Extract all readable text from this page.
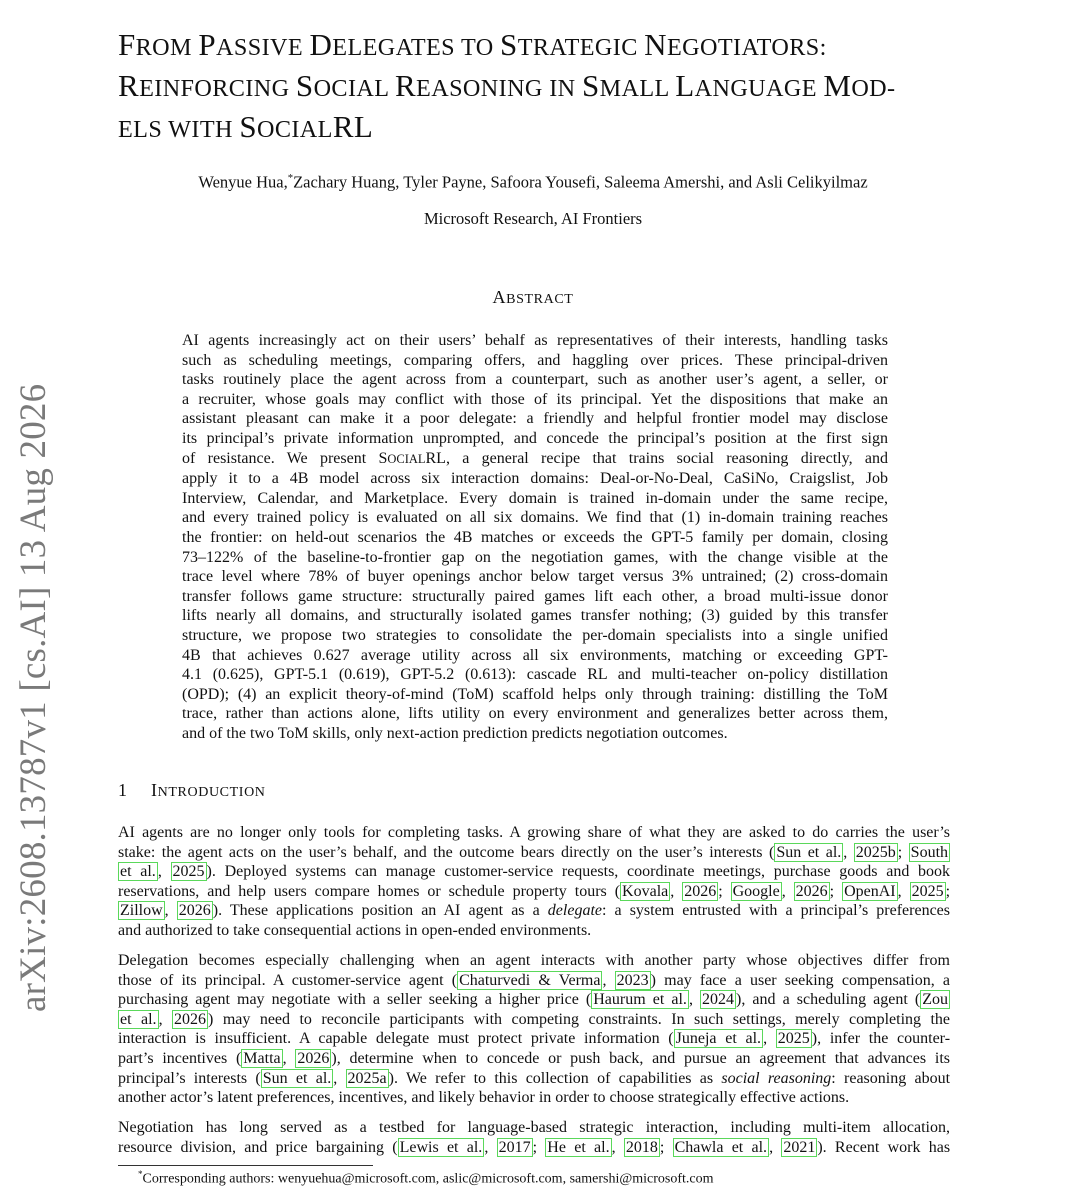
arXiv:2608.13787v1 [cs.AI] 13 Aug 2026
FROM PASSIVE DELEGATES TO STRATEGIC NEGOTIATORS:
REINFORCING SOCIAL REASONING IN SMALL LANGUAGE MOD-
ELS WITH SOCIALRL
Wenyue Hua,*Zachary Huang, Tyler Payne, Safoora Yousefi, Saleema Amershi, and Asli Celikyilmaz
Microsoft Research, AI Frontiers
ABSTRACT
AI agents increasingly act on their users’ behalf as representatives of their interests, handling tasks
such as scheduling meetings, comparing offers, and haggling over prices. These principal-driven
tasks routinely place the agent across from a counterpart, such as another user’s agent, a seller, or
a recruiter, whose goals may conflict with those of its principal. Yet the dispositions that make an
assistant pleasant can make it a poor delegate: a friendly and helpful frontier model may disclose
its principal’s private information unprompted, and concede the principal’s position at the first sign
of resistance. We present SOCIALRL, a general recipe that trains social reasoning directly, and
apply it to a 4B model across six interaction domains: Deal-or-No-Deal, CaSiNo, Craigslist, Job
Interview, Calendar, and Marketplace. Every domain is trained in-domain under the same recipe,
and every trained policy is evaluated on all six domains. We find that (1) in-domain training reaches
the frontier: on held-out scenarios the 4B matches or exceeds the GPT-5 family per domain, closing
73–122% of the baseline-to-frontier gap on the negotiation games, with the change visible at the
trace level where 78% of buyer openings anchor below target versus 3% untrained; (2) cross-domain
transfer follows game structure: structurally paired games lift each other, a broad multi-issue donor
lifts nearly all domains, and structurally isolated games transfer nothing; (3) guided by this transfer
structure, we propose two strategies to consolidate the per-domain specialists into a single unified
4B that achieves 0.627 average utility across all six environments, matching or exceeding GPT-
4.1 (0.625), GPT-5.1 (0.619), GPT-5.2 (0.613): cascade RL and multi-teacher on-policy distillation
(OPD); (4) an explicit theory-of-mind (ToM) scaffold helps only through training: distilling the ToM
trace, rather than actions alone, lifts utility on every environment and generalizes better across them,
and of the two ToM skills, only next-action prediction predicts negotiation outcomes.
1 INTRODUCTION
AI agents are no longer only tools for completing tasks. A growing share of what they are asked to do carries the user’s
stake: the agent acts on the user’s behalf, and the outcome bears directly on the user’s interests ( Sun et al. , 2025b ; South
et al. , 2025 ). Deployed systems can manage customer-service requests, coordinate meetings, purchase goods and book
reservations, and help users compare homes or schedule property tours ( Kovala , 2026 ; Google , 2026 ; OpenAI , 2025 ;
Zillow , 2026 ). These applications position an AI agent as a delegate: a system entrusted with a principal’s preferences
and authorized to take consequential actions in open-ended environments.
Delegation becomes especially challenging when an agent interacts with another party whose objectives differ from
those of its principal. A customer-service agent ( Chaturvedi & Verma , 2023 ) may face a user seeking compensation, a
purchasing agent may negotiate with a seller seeking a higher price ( Haurum et al. , 2024 ), and a scheduling agent ( Zou
et al. , 2026 ) may need to reconcile participants with competing constraints. In such settings, merely completing the
interaction is insufficient. A capable delegate must protect private information ( Juneja et al. , 2025 ), infer the counter-
part’s incentives ( Matta , 2026 ), determine when to concede or push back, and pursue an agreement that advances its
principal’s interests ( Sun et al. , 2025a ). We refer to this collection of capabilities as social reasoning: reasoning about
another actor’s latent preferences, incentives, and likely behavior in order to choose strategically effective actions.
Negotiation has long served as a testbed for language-based strategic interaction, including multi-item allocation,
resource division, and price bargaining ( Lewis et al. , 2017 ; He et al. , 2018 ; Chawla et al. , 2021 ). Recent work has
*Corresponding authors: wenyuehua@microsoft.com, aslic@microsoft.com, samershi@microsoft.com
